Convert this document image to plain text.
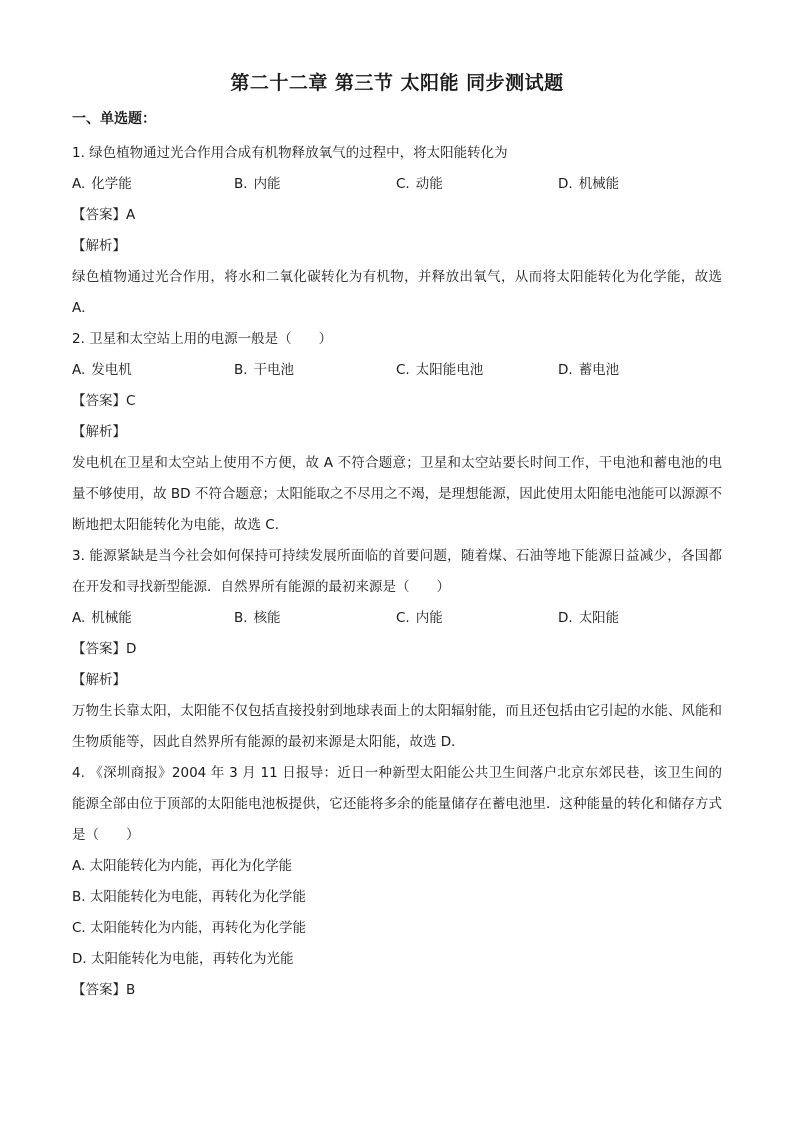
第二十二章 第三节 太阳能 同步测试题
一、单选题：
1. 绿色植物通过光合作用合成有机物释放氧气的过程中，将太阳能转化为
A. 化学能	B. 内能	C. 动能	D. 机械能
【答案】A
【解析】

绿色植物通过光合作用，将水和二氧化碳转化为有机物，并释放出氧气，从而将太阳能转化为化学能，故选 A．

2. 卫星和太空站上用的电源一般是（　　）
A. 发电机	B. 干电池	C. 太阳能电池	D. 蓄电池
【答案】C
【解析】

发电机在卫星和太空站上使用不方便，故 A 不符合题意；卫星和太空站要长时间工作，干电池和蓄电池的电量不够使用，故 BD 不符合题意；太阳能取之不尽用之不竭，是理想能源，因此使用太阳能电池能可以源源不断地把太阳能转化为电能，故选 C．

3. 能源紧缺是当今社会如何保持可持续发展所面临的首要问题，随着煤、石油等地下能源日益减少，各国都在开发和寻找新型能源．自然界所有能源的最初来源是（　　）

A. 机械能	B. 核能	C. 内能	D. 太阳能
【答案】D
【解析】

万物生长靠太阳，太阳能不仅包括直接投射到地球表面上的太阳辐射能，而且还包括由它引起的水能、风能和生物质能等，因此自然界所有能源的最初来源是太阳能，故选 D．

4. 《深圳商报》2004 年 3 月 11 日报导：近日一种新型太阳能公共卫生间落户北京东郊民巷，该卫生间的能源全部由位于顶部的太阳能电池板提供，它还能将多余的能量储存在蓄电池里．这种能量的转化和储存方式是（　　）

A. 太阳能转化为内能，再化为化学能
B. 太阳能转化为电能，再转化为化学能
C. 太阳能转化为内能，再转化为化学能
D. 太阳能转化为电能，再转化为光能
【答案】B
